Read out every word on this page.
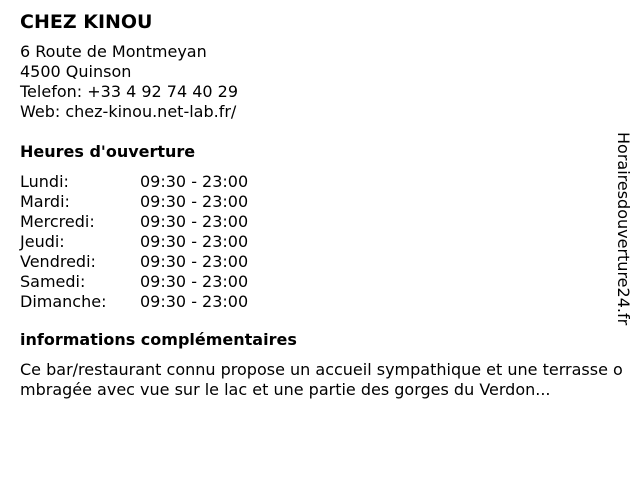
CHEZ KINOU
6 Route de Montmeyan
4500 Quinson
Telefon: +33 4 92 74 40 29
Web: chez-kinou.net-lab.fr/
Heures d'ouverture
Lundi:	09:30 - 23:00
Mardi:	09:30 - 23:00
Mercredi:	09:30 - 23:00
Jeudi:	09:30 - 23:00
Vendredi:	09:30 - 23:00
Samedi:	09:30 - 23:00
Dimanche:	09:30 - 23:00
informations complémentaires
Ce bar/restaurant connu propose un accueil sympathique et une terrasse ombragée avec vue sur le lac et une partie des gorges du Verdon...
Horairesdouverture24.fr
